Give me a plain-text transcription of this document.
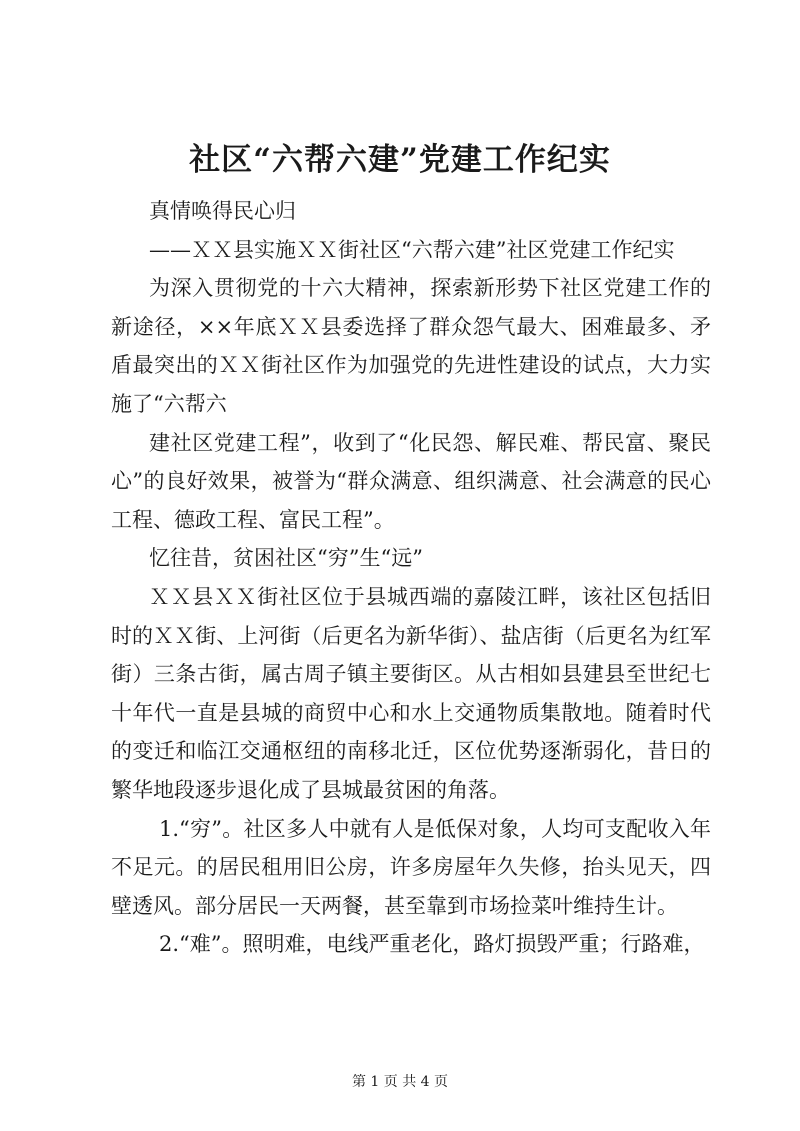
社区“六帮六建”党建工作纪实

真情唤得民心归

——ＸＸ县实施ＸＸ街社区“六帮六建”社区党建工作纪实

为深入贯彻党的十六大精神，探索新形势下社区党建工作的新途径，××年底ＸＸ县委选择了群众怨气最大、困难最多、矛盾最突出的ＸＸ街社区作为加强党的先进性建设的试点，大力实施了“六帮六

建社区党建工程”，收到了“化民怨、解民难、帮民富、聚民心”的良好效果，被誉为“群众满意、组织满意、社会满意的民心工程、德政工程、富民工程”。

忆往昔，贫困社区“穷”生“远”

ＸＸ县ＸＸ街社区位于县城西端的嘉陵江畔，该社区包括旧时的ＸＸ街、上河街（后更名为新华街）、盐店街（后更名为红军街）三条古街，属古周子镇主要街区。从古相如县建县至世纪七十年代一直是县城的商贸中心和水上交通物质集散地。随着时代的变迁和临江交通枢纽的南移北迁，区位优势逐渐弱化，昔日的繁华地段逐步退化成了县城最贫困的角落。

1.“穷”。社区多人中就有人是低保对象，人均可支配收入年不足元。的居民租用旧公房，许多房屋年久失修，抬头见天，四壁透风。部分居民一天两餐，甚至靠到市场捡菜叶维持生计。

2.“难”。照明难，电线严重老化，路灯损毁严重；行路难，

第 1 页 共 4 页
